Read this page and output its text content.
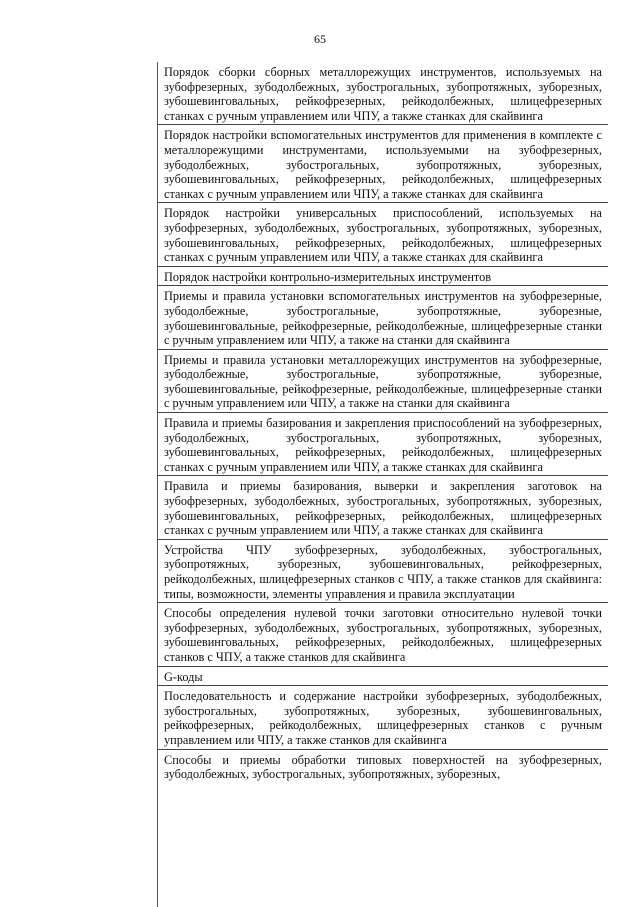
65
Порядок сборки сборных металлорежущих инструментов, используемых на зубофрезерных, зубодолбежных, зубострогальных, зубопротяжных, зуборезных, зубошевинговальных, рейкофрезерных, рейкодолбежных, шлицефрезерных станках с ручным управлением или ЧПУ, а также станках для скайвинга
Порядок настройки вспомогательных инструментов для применения в комплекте с металлорежущими инструментами, используемыми на зубофрезерных, зубодолбежных, зубострогальных, зубопротяжных, зуборезных, зубошевинговальных, рейкофрезерных, рейкодолбежных, шлицефрезерных станках с ручным управлением или ЧПУ, а также станках для скайвинга
Порядок настройки универсальных приспособлений, используемых на зубофрезерных, зубодолбежных, зубострогальных, зубопротяжных, зуборезных, зубошевинговальных, рейкофрезерных, рейкодолбежных, шлицефрезерных станках с ручным управлением или ЧПУ, а также станках для скайвинга
Порядок настройки контрольно-измерительных инструментов
Приемы и правила установки вспомогательных инструментов на зубофрезерные, зубодолбежные, зубострогальные, зубопротяжные, зуборезные, зубошевинговальные, рейкофрезерные, рейкодолбежные, шлицефрезерные станки с ручным управлением или ЧПУ, а также на станки для скайвинга
Приемы и правила установки металлорежущих инструментов на зубофрезерные, зубодолбежные, зубострогальные, зубопротяжные, зуборезные, зубошевинговальные, рейкофрезерные, рейкодолбежные, шлицефрезерные станки с ручным управлением или ЧПУ, а также на станки для скайвинга
Правила и приемы базирования и закрепления приспособлений на зубофрезерных, зубодолбежных, зубострогальных, зубопротяжных, зуборезных, зубошевинговальных, рейкофрезерных, рейкодолбежных, шлицефрезерных станках с ручным управлением или ЧПУ, а также станках для скайвинга
Правила и приемы базирования, выверки и закрепления заготовок на зубофрезерных, зубодолбежных, зубострогальных, зубопротяжных, зуборезных, зубошевинговальных, рейкофрезерных, рейкодолбежных, шлицефрезерных станках с ручным управлением или ЧПУ, а также станках для скайвинга
Устройства ЧПУ зубофрезерных, зубодолбежных, зубострогальных, зубопротяжных, зуборезных, зубошевинговальных, рейкофрезерных, рейкодолбежных, шлицефрезерных станков с ЧПУ, а также станков для скайвинга: типы, возможности, элементы управления и правила эксплуатации
Способы определения нулевой точки заготовки относительно нулевой точки зубофрезерных, зубодолбежных, зубострогальных, зубопротяжных, зуборезных, зубошевинговальных, рейкофрезерных, рейкодолбежных, шлицефрезерных станков с ЧПУ, а также станков для скайвинга
G-коды
Последовательность и содержание настройки зубофрезерных, зубодолбежных, зубострогальных, зубопротяжных, зуборезных, зубошевинговальных, рейкофрезерных, рейкодолбежных, шлицефрезерных станков с ручным управлением или ЧПУ, а также станков для скайвинга
Способы и приемы обработки типовых поверхностей на зубофрезерных, зубодолбежных, зубострогальных, зубопротяжных, зуборезных,
